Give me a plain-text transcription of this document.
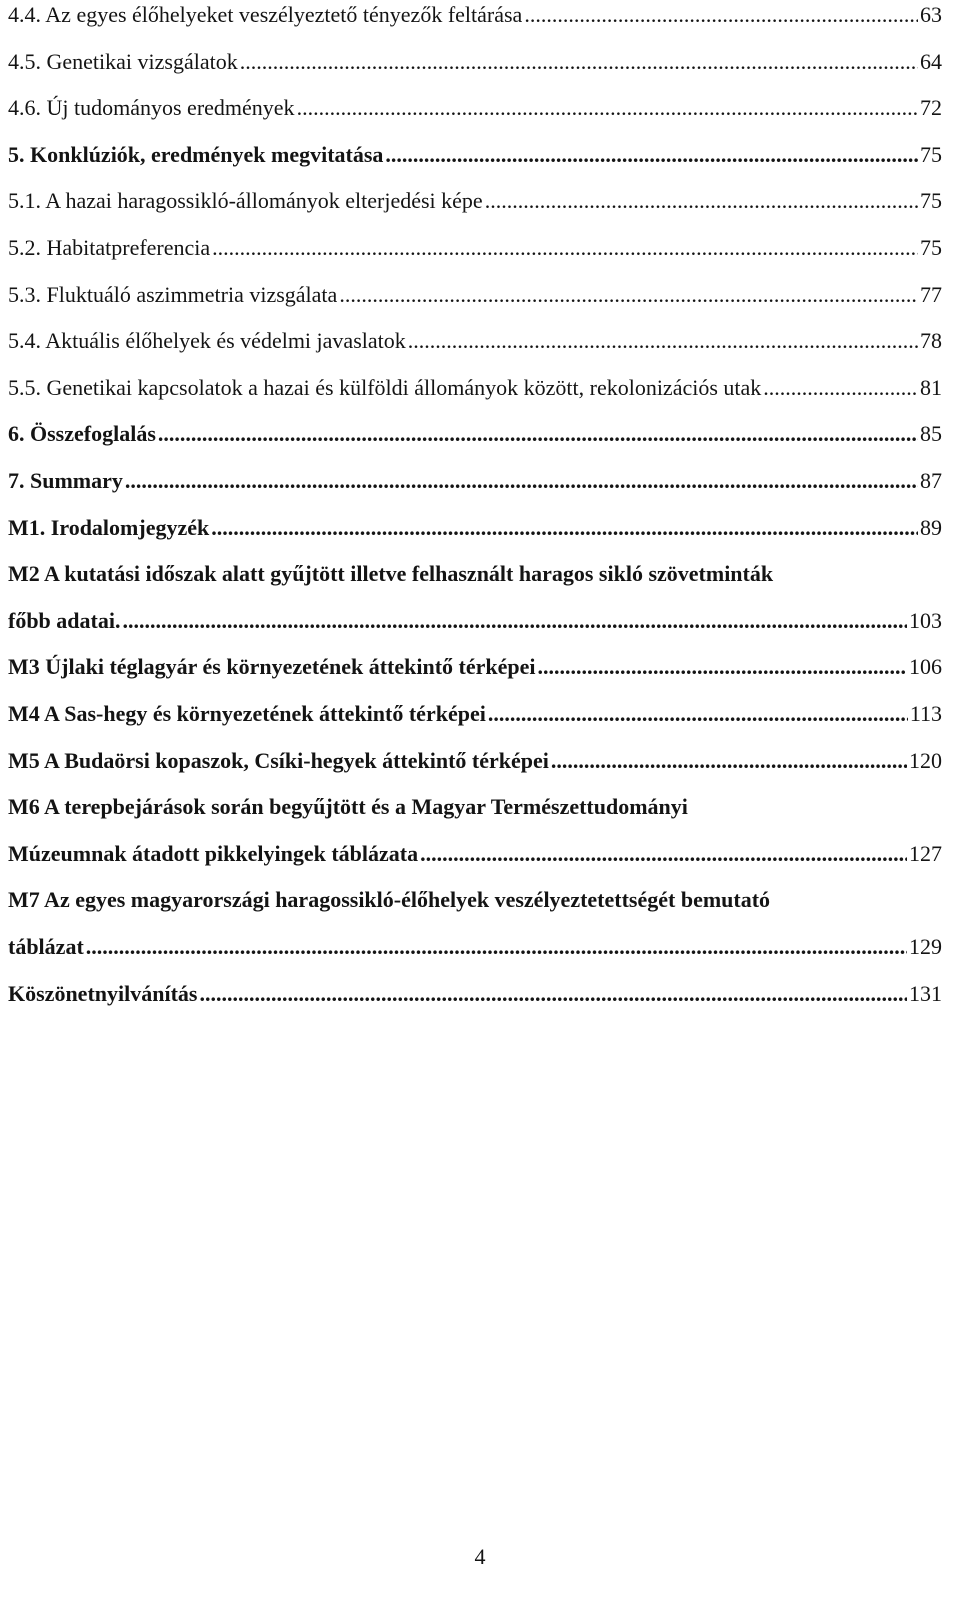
4.4. Az egyes élőhelyeket veszélyeztető tényezők feltárása .....	63
4.5. Genetikai vizsgálatok .....	64
4.6. Új tudományos eredmények .....	72
5. Konklúziók, eredmények megvitatása .....	75
5.1. A hazai haragossikló-állományok elterjedési képe .....	75
5.2. Habitatpreferencia .....	75
5.3. Fluktuáló aszimmetria vizsgálata .....	77
5.4. Aktuális élőhelyek és védelmi javaslatok .....	78
5.5. Genetikai kapcsolatok a hazai és külföldi állományok között, rekolonizációs utak .....	81
6. Összefoglalás .....	85
7. Summary .....	87
M1. Irodalomjegyzék .....	89
M2 A kutatási időszak alatt gyűjtött illetve felhasznált haragos sikló szövetminták
főbb adatai. .....	103
M3 Újlaki téglagyár és környezetének áttekintő térképei .....	106
M4 A Sas-hegy és környezetének áttekintő térképei .....	113
M5 A Budaörsi kopaszok, Csíki-hegyek áttekintő térképei .....	120
M6 A terepbejárások során begyűjtött és a Magyar Természettudományi
Múzeumnak átadott pikkelyingek táblázata .....	127
M7 Az egyes magyarországi haragossikló-élőhelyek veszélyeztetettségét bemutató
táblázat .....	129
Köszönetnyilvánítás .....	131
4
